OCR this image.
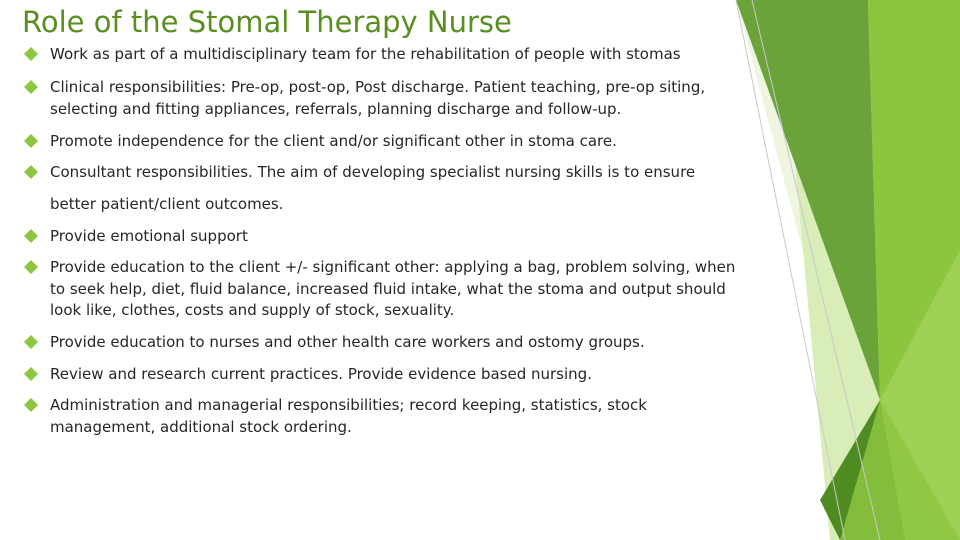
Role of the Stomal Therapy Nurse
Work as part of a multidisciplinary team for the rehabilitation of people with stomas
Clinical responsibilities: Pre-op, post-op, Post discharge. Patient teaching, pre-op siting,
selecting and fitting appliances, referrals, planning discharge and follow-up.
Promote independence for the client and/or significant other in stoma care.
Consultant responsibilities. The aim of developing specialist nursing skills is to ensure
Provide emotional support
Provide education to the client +/- significant other: applying a bag, problem solving, when
to seek help, diet, fluid balance, increased fluid intake, what the stoma and output should
look like, clothes, costs and supply of stock, sexuality.
Provide education to nurses and other health care workers and ostomy groups.
Review and research current practices. Provide evidence based nursing.
Administration and managerial responsibilities; record keeping, statistics, stock
management, additional stock ordering.

better patient/client outcomes.
